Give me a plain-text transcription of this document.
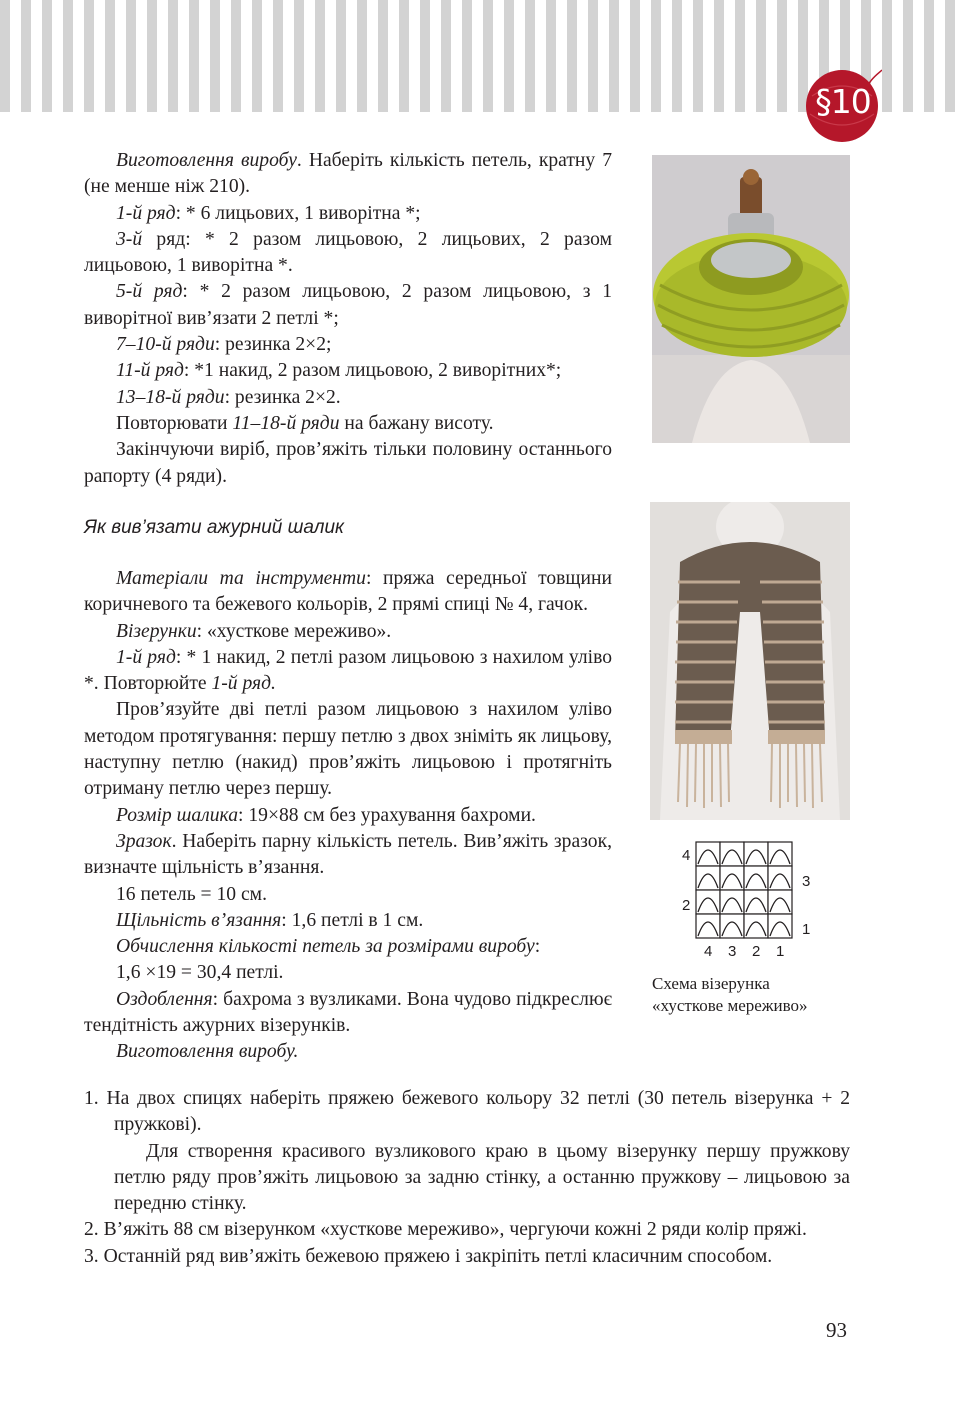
§10

Виготовлення виробу. Наберіть кількість петель, кратну 7 (не менше ніж 210).

1-й ряд: * 6 лицьових, 1 виворітна *;

3-й ряд: * 2 разом лицьовою, 2 лицьових, 2 разом лицьовою, 1 виворітна *.

5-й ряд: * 2 разом лицьовою, 2 разом лицьовою, з 1 виворітної вив’язати 2 петлі *;

7–10-й ряди: резинка 2×2;

11-й ряд: *1 накид, 2 разом лицьовою, 2 виворітних*;

13–18-й ряди: резинка 2×2.

Повторювати 11–18-й ряди на бажану висоту.

Закінчуючи виріб, пров’яжіть тільки половину останнього рапорту (4 ряди).

Як вив’язати ажурний шалик

Матеріали та інструменти: пряжа середньої товщини коричневого та бежевого кольорів, 2 прямі спиці № 4, гачок.

Візерунки: «хусткове мереживо».

1-й ряд: * 1 накид, 2 петлі разом лицьовою з нахилом уліво *. Повторюйте 1-й ряд.

Пров’язуйте дві петлі разом лицьовою з нахилом уліво методом протягування: першу петлю з двох зніміть як лицьову, наступну петлю (накид) пров’яжіть лицьовою і протягніть отриману петлю через першу.

Розмір шалика: 19×88 см без урахування бахроми.

Зразок. Наберіть парну кількість петель. Вив’яжіть зразок, визначте щільність в’язання.

16 петель = 10 см.

Щільність в’язання: 1,6 петлі в 1 см.

Обчислення кількості петель за розмірами виробу:

1,6 ×19 = 30,4 петлі.

Оздоблення: бахрома з вузликами. Вона чудово підкреслює тендітність ажурних візерунків.

Виготовлення виробу.

4
2
3
1
4 3 2 1
Схема візерунка
«хусткове мереживо»

1. На двох спицях наберіть пряжею бежевого кольору 32 петлі (30 петель візерунка + 2 пружкові).

Для створення красивого вузликового краю в цьому візерунку першу пружкову петлю ряду пров’яжіть лицьовою за задню стінку, а останню пружкову – лицьовою за передню стінку.

2. В’яжіть 88 см візерунком «хусткове мереживо», чергуючи кожні 2 ряди колір пряжі.

3. Останній ряд вив’яжіть бежевою пряжею і закріпіть петлі класичним способом.

93
